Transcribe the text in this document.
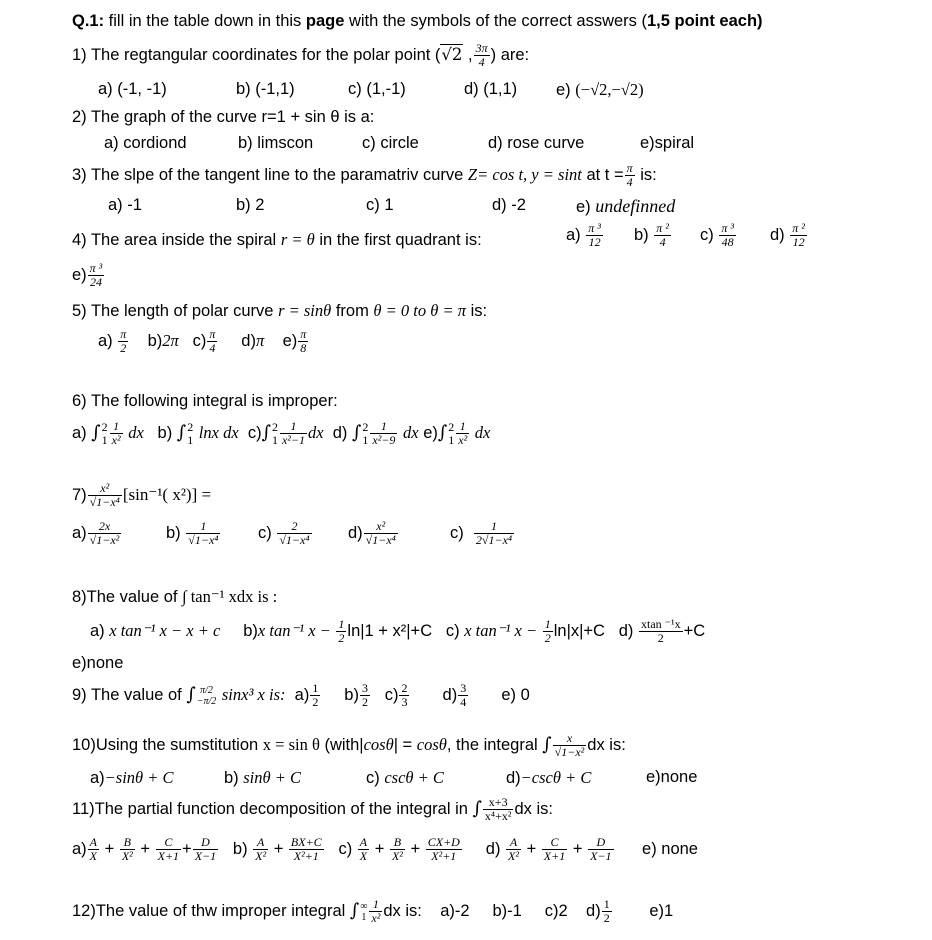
Q.1: fill in the table down in this page with the symbols of the correct asswers (1,5 point each)
1) The regtangular coordinates for the polar point (√2 , $\frac{3\pi}{4}$ ) are:
a) (-1, -1)	b) (-1,1)	c) (1,-1)	d) (1,1) e) (−√2,−√2)
2) The graph of the curve r=1 + sin θ is a:
a) cordiond	b) limscon	c) circle	d) rose curve	e)spiral
3) The slpe of the tangent line to the paramatriv curve Z= cos t, y = sint at $t = \frac{\pi}{4}$ is:
a) -1	b) 2	c) 1	d) -2	e) undefinned
4) The area inside the spiral r = θ in the first quadrant is:	$a) \frac{\text{π ³}}{12} b) \frac{\text{π ²}}{4} c) \frac{\text{π ³}}{48} d) \frac{\text{π ²}}{12}$
$e) \frac{\text{π ³}}{24}$
5) The length of polar curve r = sinθ from θ = 0 to θ = π is:
$a) \frac{\pi}{2} b)2\pi$ $c) \frac{\pi}{4} d)\pi$ $e) \frac{\pi}{8}$
6) The following integral is improper:
a) ∫ 2
$1 \frac{1}{\text{x²}}$ dx b) ∫ 2
1 lnx dx c)∫ 2
$1 \frac{1}{\text{x²−1}}$ dx d) ∫ 2
$1 \frac{1}{\text{x²−9}}$ dx e)∫ 2
$1 \frac{1}{\text{x²}}$ dx
$7) \frac{\text{x²}}{\text{√1−x⁴}} [\sin^{-1}$( x²)] =
$a) \frac{2x}{\text{√1−x²}}$	$b) \frac{1}{\text{√1−x⁴}} c) \frac{2}{\text{√1−x⁴}} d) \frac{\text{x²}}{\text{√1−x⁴}}$	$c) \frac{1}{\text{2√1−x⁴}}$
8)The value of ∫ tan⁻¹ xdx is :
a) x tan⁻¹ x − x + c b)x tan⁻¹ $x - \frac{1}{2} \ln|1 + x^2|+C$ c) x tan⁻¹ $x - \frac{1}{2} \ln|x|+C$ $d) \frac{\text{xtan ⁻¹x}}{2} +C$
e)none
9) The value of ∫ π/2
−π/2 sinx³ x is: $a) \frac{1}{2} b) \frac{3}{2} c) \frac{2}{3} d) \frac{3}{4} e$) 0
10)Using the sumstitution x = sin θ (with|cosθ| = cosθ, the integral ∫ $\frac{x}{\text{√1−x²}}$ dx is:
a)−sinθ + C	b) sinθ + C	c) cscθ + C	d)−cscθ + C	e)none
11)The partial function decomposition of the integral in ∫ $\frac{x+3}{\text{x⁴+x²}}$ dx is:
$a) \frac{A}{X} + \frac{B}{\text{X²}} + \frac{C}{X+1} + \frac{D}{X-1} b) \frac{A}{\text{X²}} + \frac{BX+C}{\text{X²+1}} c) \frac{A}{X} + \frac{B}{\text{X²}} + \frac{CX+D}{\text{X²+1}} d) \frac{A}{\text{X²}} + \frac{C}{X+1} + \frac{D}{X-1} e$) none
12)The value of thw improper integral ∫ ∞
$1 \frac{1}{\text{x²}}$ dx is: a)-2 b)-1 c)2 $d) \frac{1}{2} e)1$
